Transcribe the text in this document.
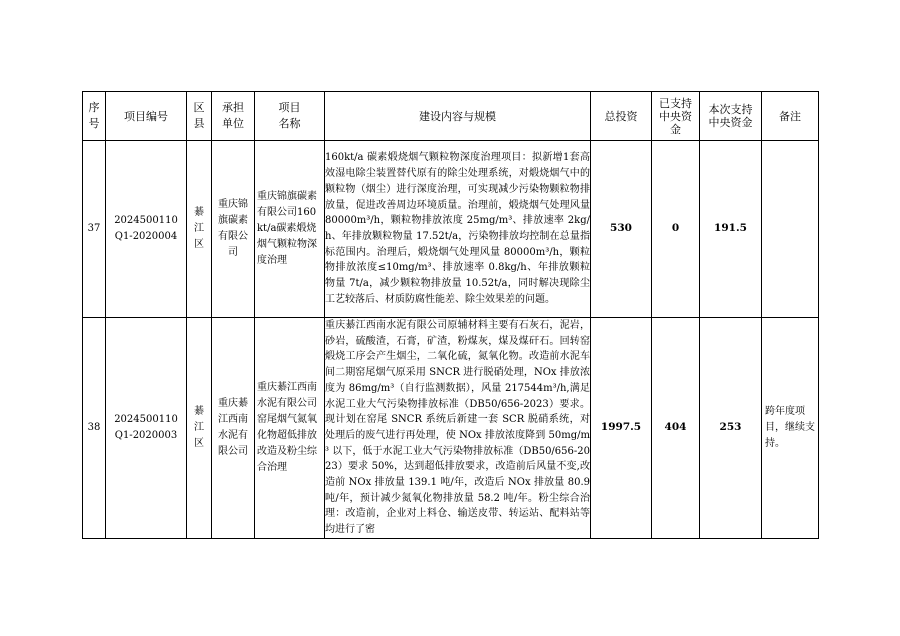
序号	项目编号	区县	承担单位	项目名称	建设内容与规模	总投资	已支持中央资金	本次支持中央资金	备注
37	2024500110
Q1-2020004	綦江区	重庆锦旗碳素有限公司	重庆锦旗碳素有限公司160kt/a碳素煅烧烟气颗粒物深度治理	160kt/a 碳素煅烧烟气颗粒物深度治理项目：拟新增1套高效湿电除尘装置替代原有的除尘处理系统，对煅烧烟气中的颗粒物（烟尘）进行深度治理，可实现减少污染物颗粒物排放量，促进改善周边环境质量。治理前，煅烧烟气处理风量 80000m³/h，颗粒物排放浓度 25mg/m³、排放速率 2kg/h、年排放颗粒物量 17.52t/a，污染物排放均控制在总量指标范围内。治理后，煅烧烟气处理风量 80000m³/h，颗粒物排放浓度≤10mg/m³、排放速率 0.8kg/h、年排放颗粒物量 7t/a，减少颗粒物排放量 10.52t/a，同时解决现除尘工艺较落后、材质防腐性能差、除尘效果差的问题。	530	0	191.5	

38	2024500110
Q1-2020003	綦江区	重庆綦江西南水泥有限公司	重庆綦江西南水泥有限公司窑尾烟气氮氧化物超低排放改造及粉尘综合治理	重庆綦江西南水泥有限公司原辅材料主要有石灰石，泥岩，砂岩，硫酸渣，石膏，矿渣，粉煤灰，煤及煤矸石。回转窑煅烧工序会产生烟尘，二氧化硫，氮氧化物。改造前水泥车间二期窑尾烟气原采用 SNCR 进行脱硝处理，NOx 排放浓度为 86mg/m³（自行监测数据），风量 217544m³/h,满足水泥工业大气污染物排放标准（DB50/656-2023）要求。现计划在窑尾 SNCR 系统后新建一套 SCR 脱硝系统，对处理后的废气进行再处理，使 NOx 排放浓度降到 50mg/m³ 以下，低于水泥工业大气污染物排放标准（DB50/656-2023）要求 50%，达到超低排放要求，改造前后风量不变,改造前 NOx 排放量 139.1 吨/年，改造后 NOx 排放量 80.9 吨/年，预计减少氮氧化物排放量 58.2 吨/年。粉尘综合治理：改造前，企业对上料仓、输送皮带、转运站、配料站等均进行了密	1997.5	404	253	跨年度项目，继续支持。
